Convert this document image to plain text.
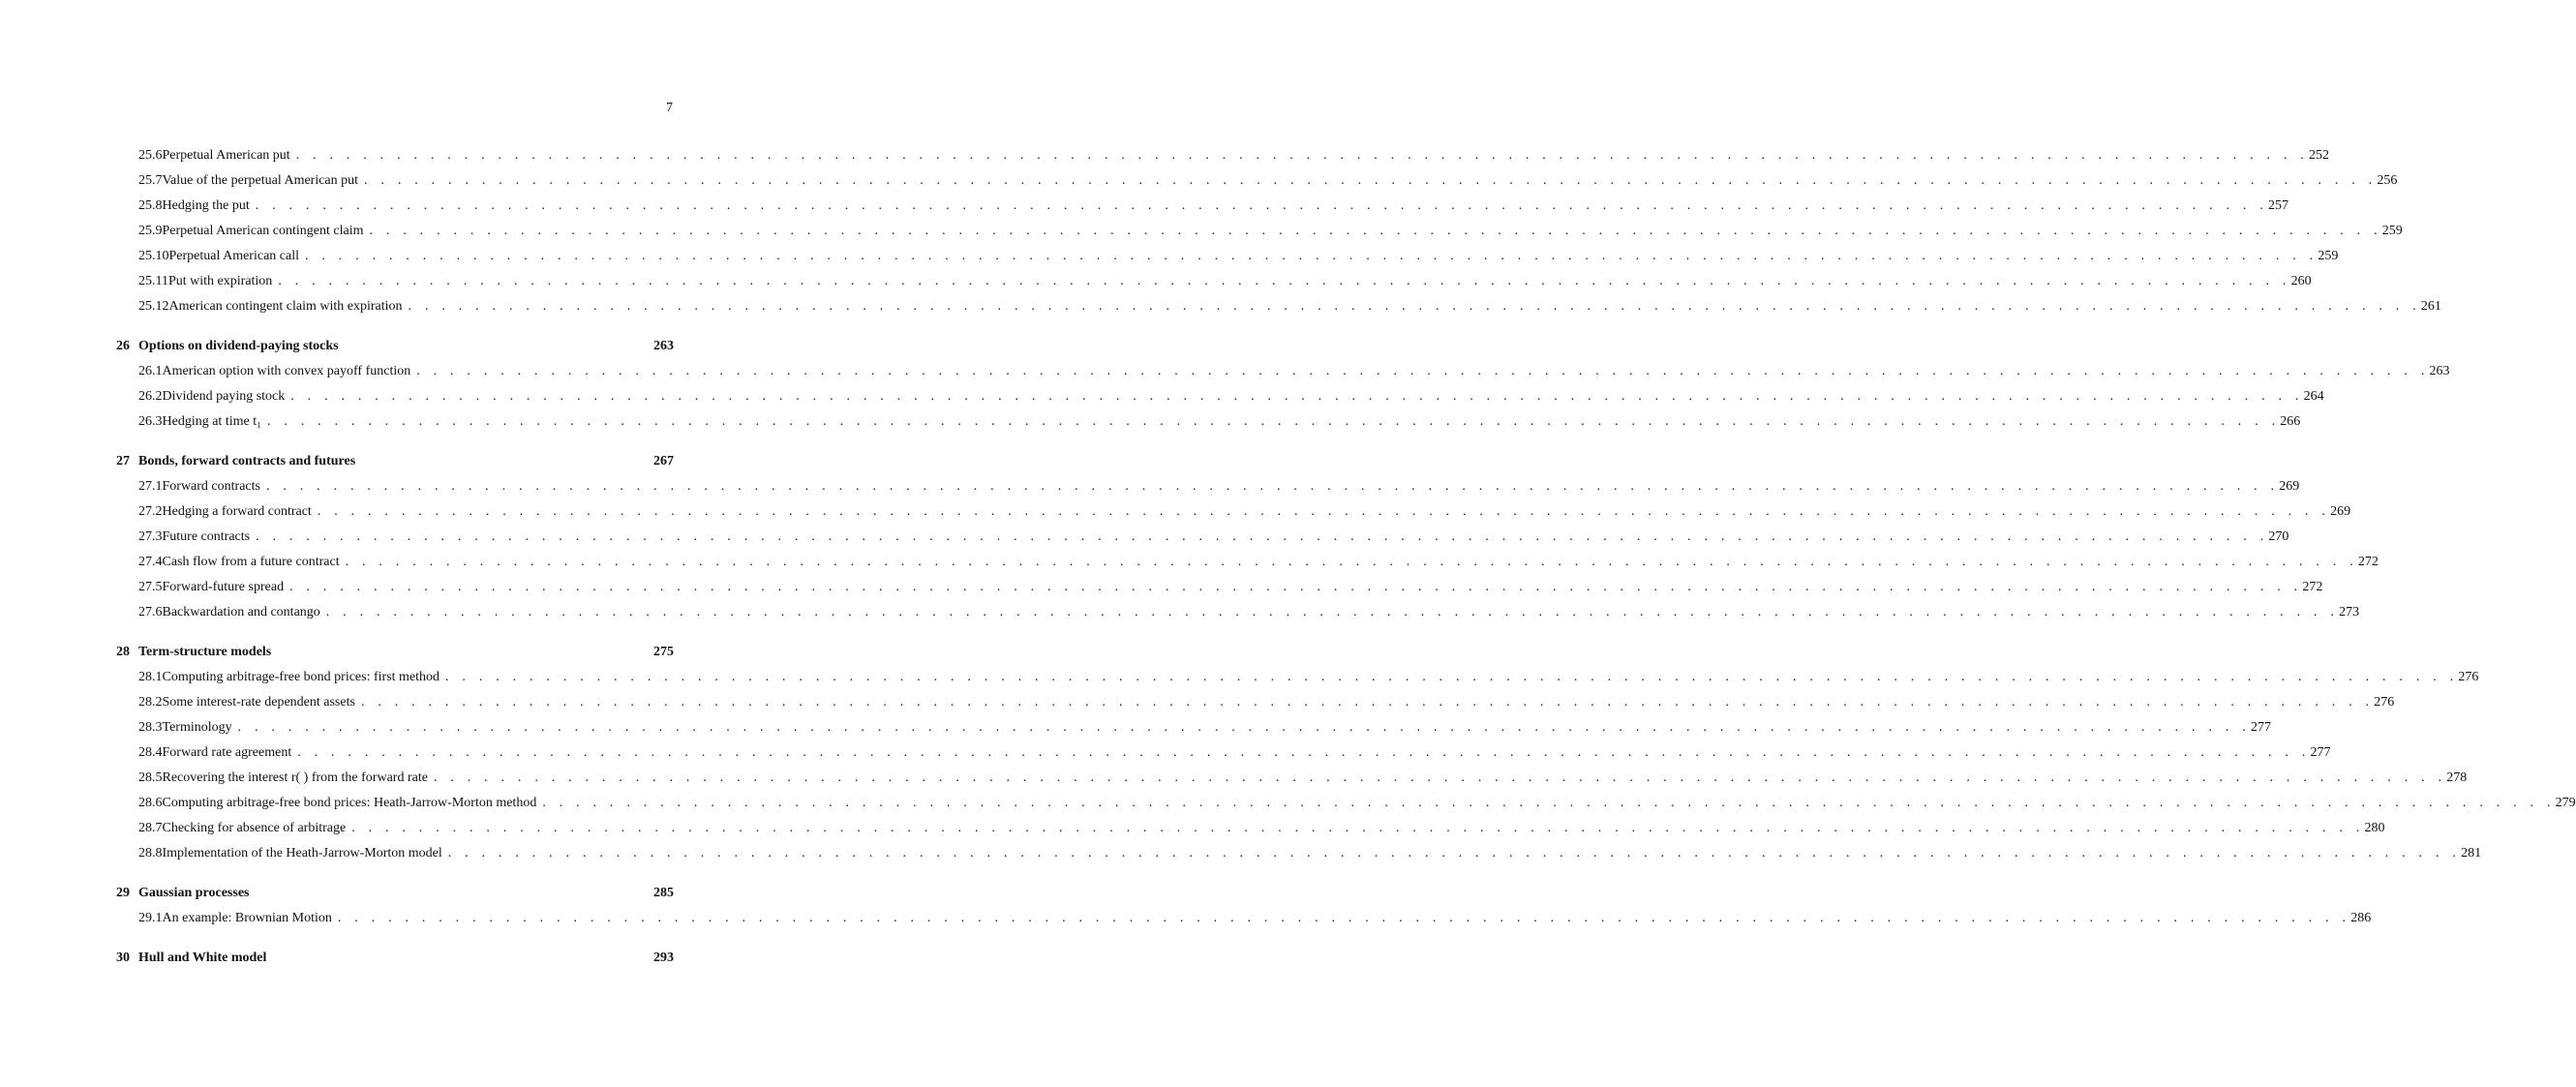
7
25.6 Perpetual American put . . . . . . . . . . . . . . . . . . . . . . . . . . . . . . . . . . . . . . . . . . . . . . . . . . . . . . . . . . . . . . . . . . . . . . . . . . . . . . . . . . . . . . . . . . . . . . . . . . . . . . . . . . . . . . . . . . . . . . . . 252
25.7 Value of the perpetual American put . . . . . . . . . . . . . . . . . . . . . . . . . . . . . . . . . . . . . . . . . . . . . . . . . . . . . . . . . . . . . . . . . . . . . . . . . . . . . . . . . . . . . . . . . . . . . . . . . . . . . . . . . . . . . . . . . . . . . . . . 256
25.8 Hedging the put . . . . . . . . . . . . . . . . . . . . . . . . . . . . . . . . . . . . . . . . . . . . . . . . . . . . . . . . . . . . . . . . . . . . . . . . . . . . . . . . . . . . . . . . . . . . . . . . . . . . . . . . . . . . . . . . . . . . . . . . 257
25.9 Perpetual American contingent claim . . . . . . . . . . . . . . . . . . . . . . . . . . . . . . . . . . . . . . . . . . . . . . . . . . . . . . . . . . . . . . . . . . . . . . . . . . . . . . . . . . . . . . . . . . . . . . . . . . . . . . . . . . . . . . . . . . . . . . . . 259
25.10 Perpetual American call . . . . . . . . . . . . . . . . . . . . . . . . . . . . . . . . . . . . . . . . . . . . . . . . . . . . . . . . . . . . . . . . . . . . . . . . . . . . . . . . . . . . . . . . . . . . . . . . . . . . . . . . . . . . . . . . . . . . . . . . 259
25.11 Put with expiration . . . . . . . . . . . . . . . . . . . . . . . . . . . . . . . . . . . . . . . . . . . . . . . . . . . . . . . . . . . . . . . . . . . . . . . . . . . . . . . . . . . . . . . . . . . . . . . . . . . . . . . . . . . . . . . . . . . . . . . . 260
25.12 American contingent claim with expiration . . . . . . . . . . . . . . . . . . . . . . . . . . . . . . . . . . . . . . . . . . . . . . . . . . . . . . . . . . . . . . . . . . . . . . . . . . . . . . . . . . . . . . . . . . . . . . . . . . . . . . . . . . . . . . . . . . . . . . . . 261
26 Options on dividend-paying stocks	263
26.1 American option with convex payoff function . . . . . . . . . . . . . . . . . . . . . . . . . . . . . . . . . . . . . . . . . . . . . . . . . . . . . . . . . . . . . . . . . . . . . . . . . . . . . . . . . . . . . . . . . . . . . . . . . . . . . . . . . . . . . . . . . . . . . . . . 263
26.2 Dividend paying stock . . . . . . . . . . . . . . . . . . . . . . . . . . . . . . . . . . . . . . . . . . . . . . . . . . . . . . . . . . . . . . . . . . . . . . . . . . . . . . . . . . . . . . . . . . . . . . . . . . . . . . . . . . . . . . . . . . . . . . . . 264
26.3 Hedging at time t₁ . . . . . . . . . . . . . . . . . . . . . . . . . . . . . . . . . . . . . . . . . . . . . . . . . . . . . . . . . . . . . . . . . . . . . . . . . . . . . . . . . . . . . . . . . . . . . . . . . . . . . . . . . . . . . . . . . . . . . . . . 266
27 Bonds, forward contracts and futures	267
27.1 Forward contracts . . . . . . . . . . . . . . . . . . . . . . . . . . . . . . . . . . . . . . . . . . . . . . . . . . . . . . . . . . . . . . . . . . . . . . . . . . . . . . . . . . . . . . . . . . . . . . . . . . . . . . . . . . . . . . . . . . . . . . . . 269
27.2 Hedging a forward contract . . . . . . . . . . . . . . . . . . . . . . . . . . . . . . . . . . . . . . . . . . . . . . . . . . . . . . . . . . . . . . . . . . . . . . . . . . . . . . . . . . . . . . . . . . . . . . . . . . . . . . . . . . . . . . . . . . . . . . . . 269
27.3 Future contracts . . . . . . . . . . . . . . . . . . . . . . . . . . . . . . . . . . . . . . . . . . . . . . . . . . . . . . . . . . . . . . . . . . . . . . . . . . . . . . . . . . . . . . . . . . . . . . . . . . . . . . . . . . . . . . . . . . . . . . . . 270
27.4 Cash flow from a future contract . . . . . . . . . . . . . . . . . . . . . . . . . . . . . . . . . . . . . . . . . . . . . . . . . . . . . . . . . . . . . . . . . . . . . . . . . . . . . . . . . . . . . . . . . . . . . . . . . . . . . . . . . . . . . . . . . . . . . . . . 272
27.5 Forward-future spread . . . . . . . . . . . . . . . . . . . . . . . . . . . . . . . . . . . . . . . . . . . . . . . . . . . . . . . . . . . . . . . . . . . . . . . . . . . . . . . . . . . . . . . . . . . . . . . . . . . . . . . . . . . . . . . . . . . . . . . . 272
27.6 Backwardation and contango . . . . . . . . . . . . . . . . . . . . . . . . . . . . . . . . . . . . . . . . . . . . . . . . . . . . . . . . . . . . . . . . . . . . . . . . . . . . . . . . . . . . . . . . . . . . . . . . . . . . . . . . . . . . . . . . . . . . . . . . 273
28 Term-structure models	275
28.1 Computing arbitrage-free bond prices: first method . . . . . . . . . . . . . . . . . . . . . . . . . . . . . . . . . . . . . . . . . . . . . . . . . . . . . . . . . . . . . . . . . . . . . . . . . . . . . . . . . . . . . . . . . . . . . . . . . . . . . . . . . . . . . . . . . . . . . . . . 276
28.2 Some interest-rate dependent assets . . . . . . . . . . . . . . . . . . . . . . . . . . . . . . . . . . . . . . . . . . . . . . . . . . . . . . . . . . . . . . . . . . . . . . . . . . . . . . . . . . . . . . . . . . . . . . . . . . . . . . . . . . . . . . . . . . . . . . . . 276
28.3 Terminology . . . . . . . . . . . . . . . . . . . . . . . . . . . . . . . . . . . . . . . . . . . . . . . . . . . . . . . . . . . . . . . . . . . . . . . . . . . . . . . . . . . . . . . . . . . . . . . . . . . . . . . . . . . . . . . . . . . . . . . . 277
28.4 Forward rate agreement . . . . . . . . . . . . . . . . . . . . . . . . . . . . . . . . . . . . . . . . . . . . . . . . . . . . . . . . . . . . . . . . . . . . . . . . . . . . . . . . . . . . . . . . . . . . . . . . . . . . . . . . . . . . . . . . . . . . . . . . 277
28.5 Recovering the interest r( ) from the forward rate . . . . . . . . . . . . . . . . . . . . . . . . . . . . . . . . . . . . . . . . . . . . . . . . . . . . . . . . . . . . . . . . . . . . . . . . . . . . . . . . . . . . . . . . . . . . . . . . . . . . . . . . . . . . . . . . . . . . . . . . 278
28.6 Computing arbitrage-free bond prices: Heath-Jarrow-Morton method . . . . . . . . . . . . . . . . . . . . . . . . . . . . . . . . . . . . . . . . . . . . . . . . . . . . . . . . . . . . . . . . . . . . . . . . . . . . . . . . . . . . . . . . . . . . . . . . . . . . . . . . . . . . . . . . . . . . . . . . 279
28.7 Checking for absence of arbitrage . . . . . . . . . . . . . . . . . . . . . . . . . . . . . . . . . . . . . . . . . . . . . . . . . . . . . . . . . . . . . . . . . . . . . . . . . . . . . . . . . . . . . . . . . . . . . . . . . . . . . . . . . . . . . . . . . . . . . . . . 280
28.8 Implementation of the Heath-Jarrow-Morton model . . . . . . . . . . . . . . . . . . . . . . . . . . . . . . . . . . . . . . . . . . . . . . . . . . . . . . . . . . . . . . . . . . . . . . . . . . . . . . . . . . . . . . . . . . . . . . . . . . . . . . . . . . . . . . . . . . . . . . . . 281
29 Gaussian processes	285
29.1 An example: Brownian Motion . . . . . . . . . . . . . . . . . . . . . . . . . . . . . . . . . . . . . . . . . . . . . . . . . . . . . . . . . . . . . . . . . . . . . . . . . . . . . . . . . . . . . . . . . . . . . . . . . . . . . . . . . . . . . . . . . . . . . . . . 286
30 Hull and White model	293
